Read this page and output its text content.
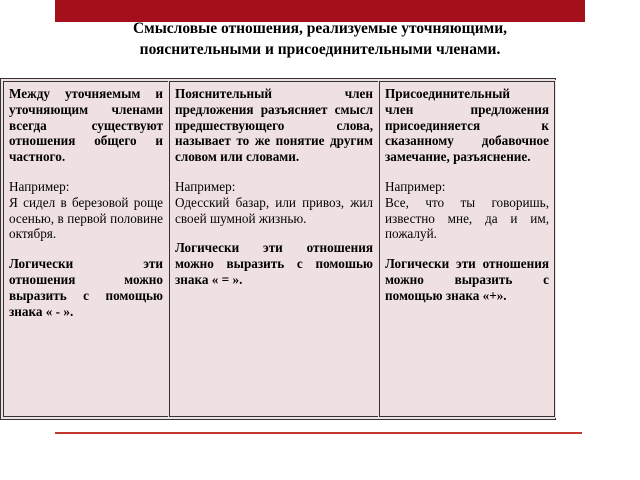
Смысловые отношения, реализуемые уточняющими,
пояснительными и присоединительными членами.

Между уточняемым и уточняющим членами всегда существуют отношения общего и частного.

Например:

Я сидел в березовой роще осенью, в первой половине октября.

Логически эти отношения можно выразить с помощью знака « - ».

Пояснительный член предложения разъясняет смысл предшествующего слова, называет то же понятие другим словом или словами.

Например:

Одесский базар, или привоз, жил своей шумной жизнью.

Логически эти отношения можно выразить с помошью знака « = ».

Присоединительный

член предложения присоединяется к сказанному добавочное замечание, разъяснение.

Например:

Все, что ты говоришь, известно мне, да и им, пожалуй.

Логически эти отношения можно выразить с помощью знака «+».
